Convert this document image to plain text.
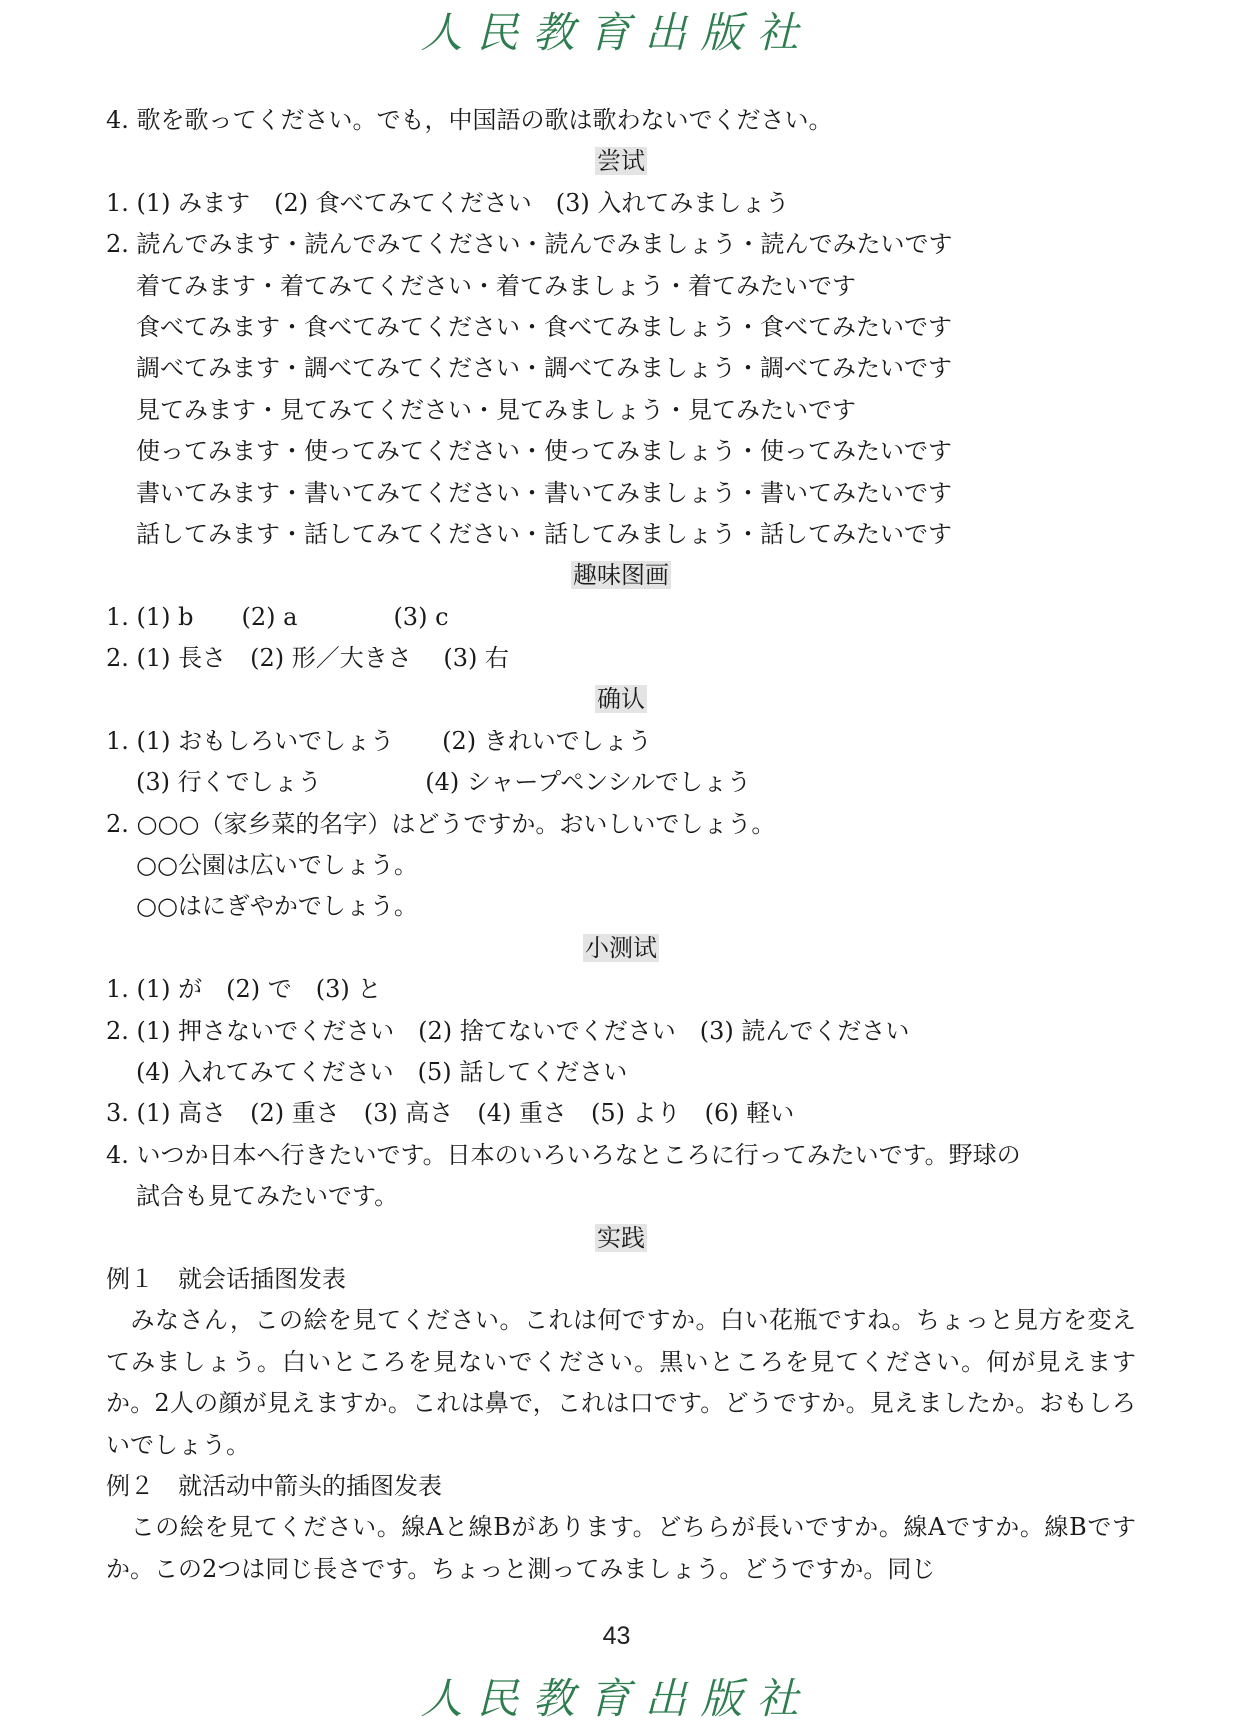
人民教育出版社
4. 歌を歌ってください。でも，中国語の歌は歌わないでください。
尝试
1. (1) みます　(2) 食べてみてください　(3) 入れてみましょう
2. 読んでみます・読んでみてください・読んでみましょう・読んでみたいです
着てみます・着てみてください・着てみましょう・着てみたいです
食べてみます・食べてみてください・食べてみましょう・食べてみたいです
調べてみます・調べてみてください・調べてみましょう・調べてみたいです
見てみます・見てみてください・見てみましょう・見てみたいです
使ってみます・使ってみてください・使ってみましょう・使ってみたいです
書いてみます・書いてみてください・書いてみましょう・書いてみたいです
話してみます・話してみてください・話してみましょう・話してみたいです
趣味图画
1. (1) b　　(2) a　　　　(3) c
2. (1) 長さ　(2) 形／大きさ　 (3) 右
确认
1. (1) おもしろいでしょう　　(2) きれいでしょう
(3) 行くでしょう　　　　 (4) シャープペンシルでしょう
2. ○○○（家乡菜的名字）はどうですか。おいしいでしょう。
○○公園は広いでしょう。
○○はにぎやかでしょう。
小测试
1. (1) が　(2) で　(3) と
2. (1) 押さないでください　(2) 捨てないでください　(3) 読んでください
(4) 入れてみてください　(5) 話してください
3. (1) 高さ　(2) 重さ　(3) 高さ　(4) 重さ　(5) より　(6) 軽い
4. いつか日本へ行きたいです。日本のいろいろなところに行ってみたいです。野球の
試合も見てみたいです。
实践
例１　就会话插图发表
　みなさん，この絵を見てください。これは何ですか。白い花瓶ですね。ちょっと見方を変えてみましょう。白いところを見ないでください。黒いところを見てください。何が見えますか。2人の顔が見えますか。これは鼻で，これは口です。どうですか。見えましたか。おもしろいでしょう。
例２　就活动中箭头的插图发表
　この絵を見てください。線Aと線Bがあります。どちらが長いですか。線Aですか。線Bですか。この2つは同じ長さです。ちょっと測ってみましょう。どうですか。同じ
43
人民教育出版社
